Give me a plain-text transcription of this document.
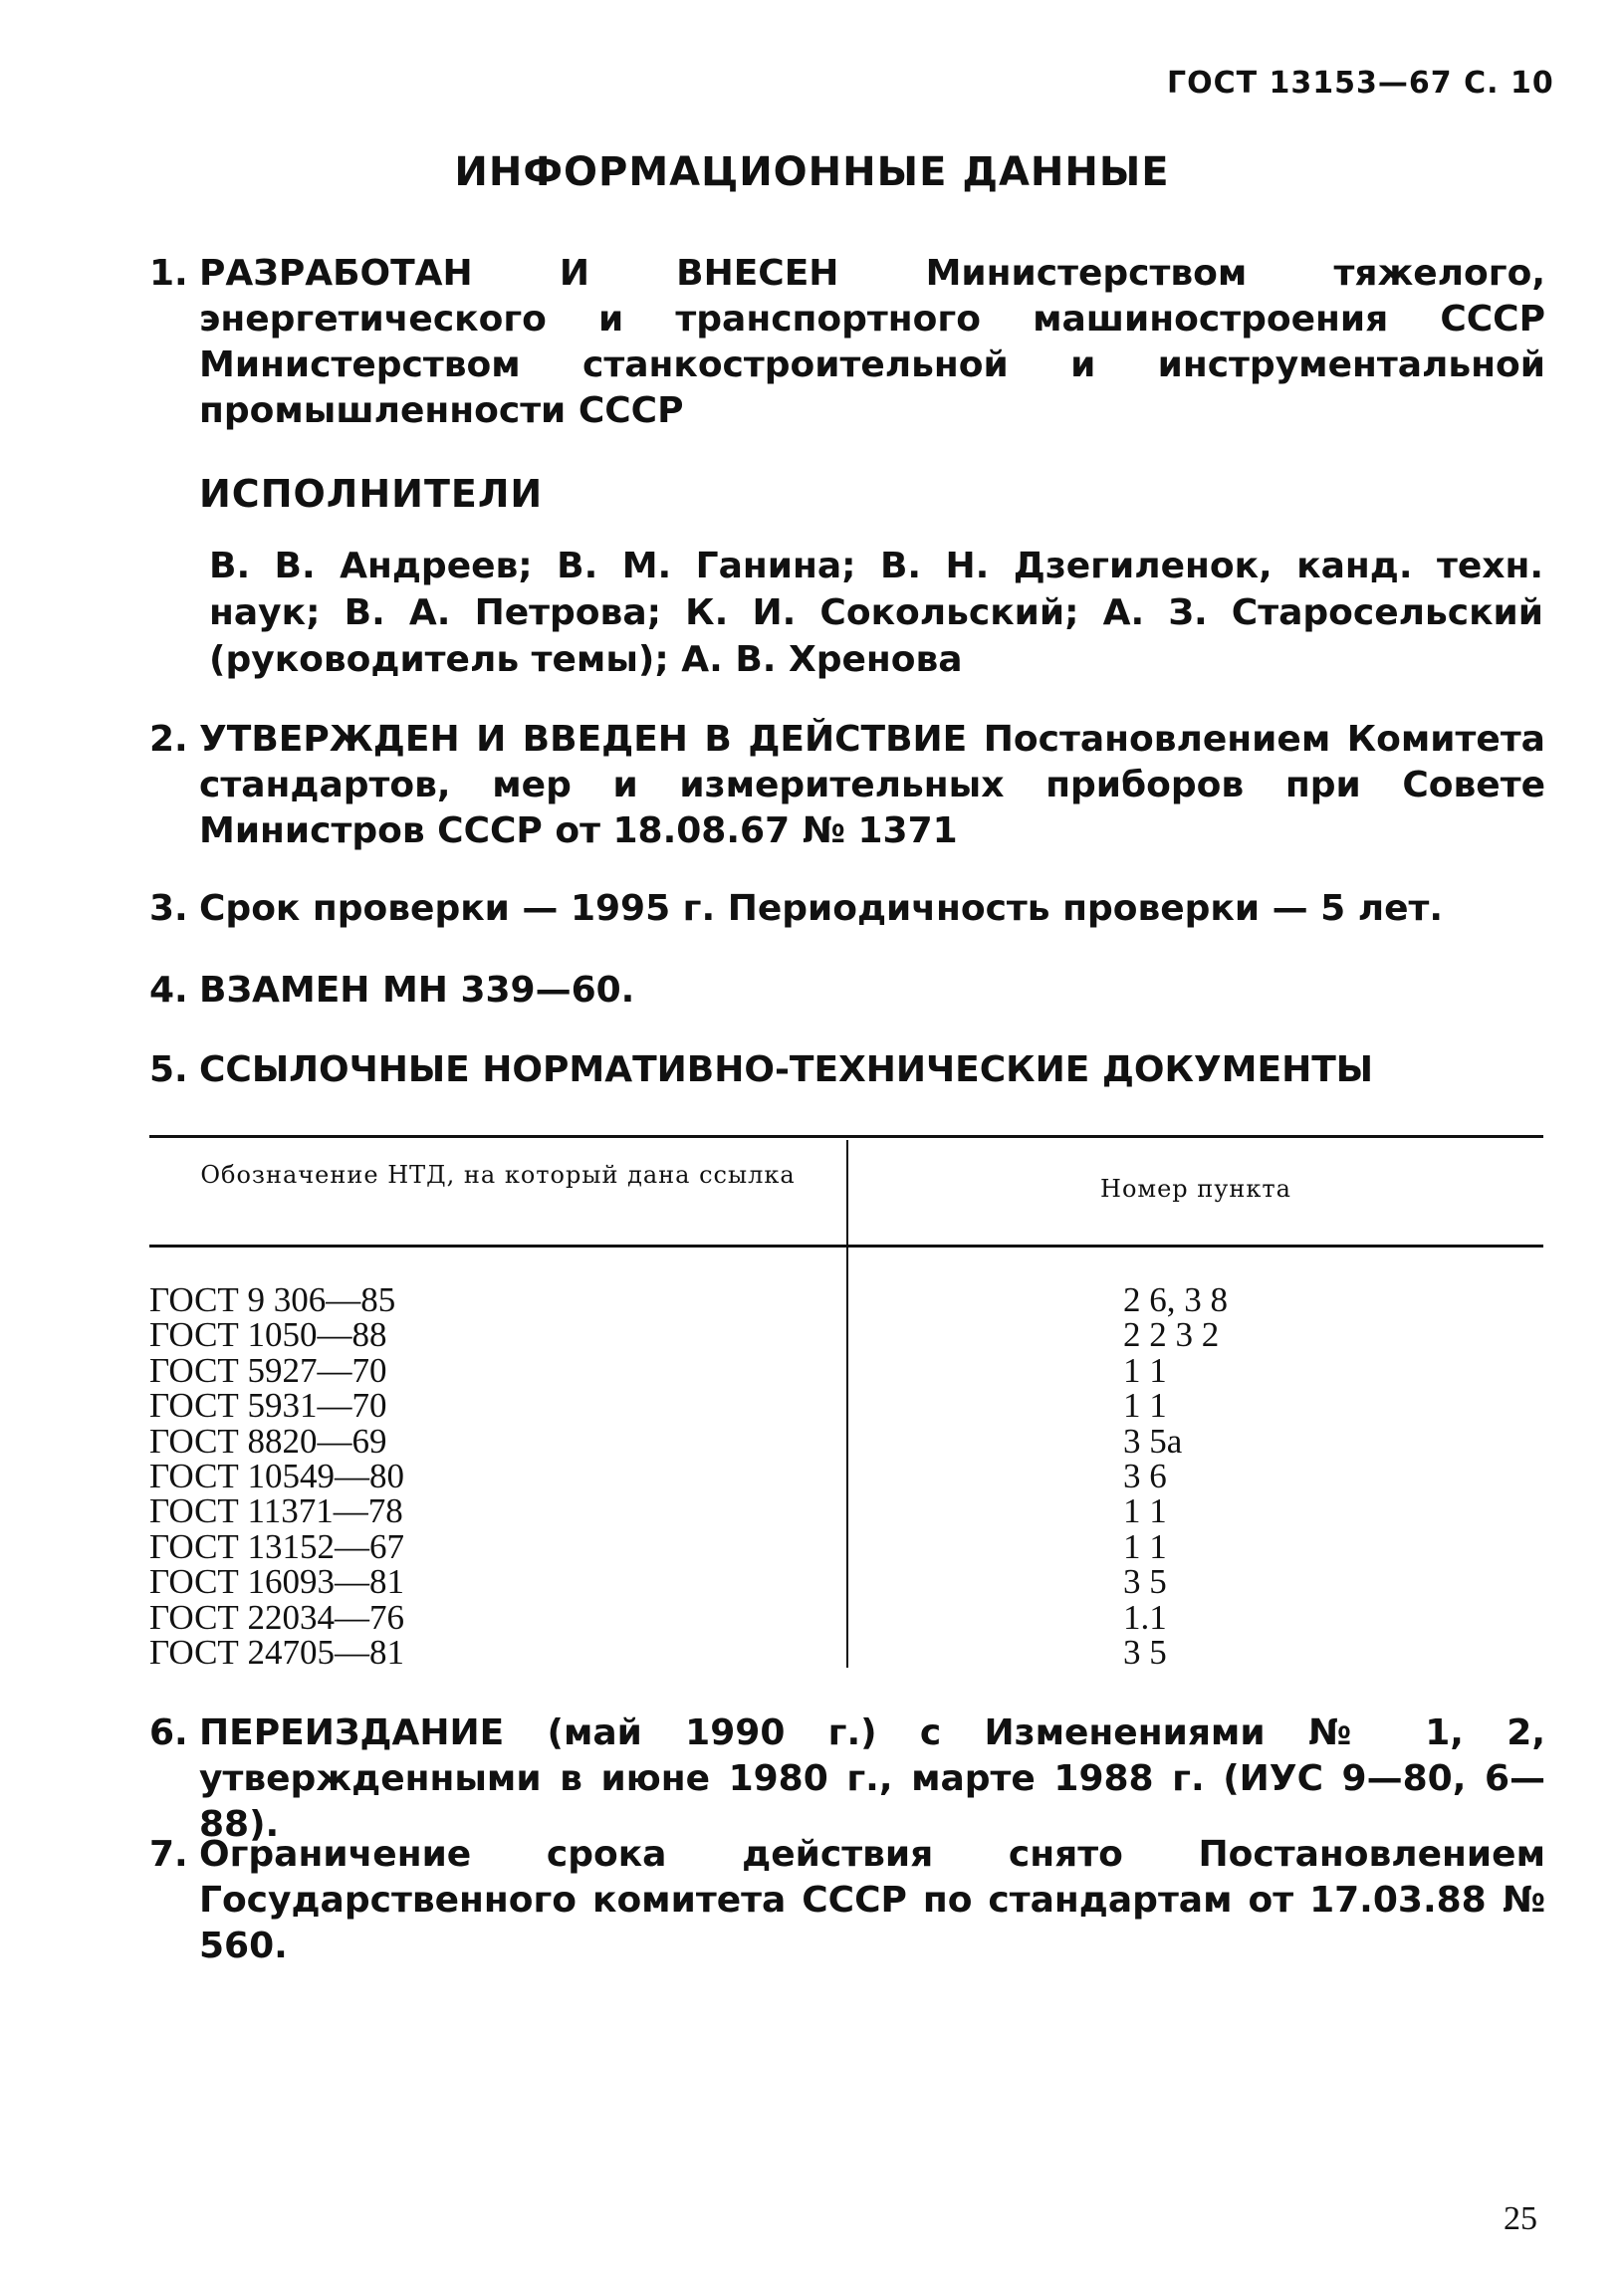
ГОСТ 13153—67 С. 10
ИНФОРМАЦИОННЫЕ ДАННЫЕ
1. РАЗРАБОТАН И ВНЕСЕН Министерством тяжелого, энергетического и транспортного машиностроения СССР Министерством станкостроительной и инструментальной промышленности СССР
ИСПОЛНИТЕЛИ
В. В. Андреев; В. М. Ганина; В. Н. Дзегиленок, канд. техн. наук; В. А. Петрова; К. И. Сокольский; А. З. Старосельский (руководитель темы); А. В. Хренова
2. УТВЕРЖДЕН И ВВЕДЕН В ДЕЙСТВИЕ Постановлением Комитета стандартов, мер и измерительных приборов при Совете Министров СССР от 18.08.67 № 1371
3. Срок проверки — 1995 г. Периодичность проверки — 5 лет.
4. ВЗАМЕН МН 339—60.
5. ССЫЛОЧНЫЕ НОРМАТИВНО-ТЕХНИЧЕСКИЕ ДОКУМЕНТЫ
Обозначение НТД, на который дана ссылка	Номер пункта
ГОСТ 9 306—85	2 6, 3 8
ГОСТ 1050—88	2 2 3 2
ГОСТ 5927—70	1 1
ГОСТ 5931—70	1 1
ГОСТ 8820—69	3 5а
ГОСТ 10549—80	3 6
ГОСТ 11371—78	1 1
ГОСТ 13152—67	1 1
ГОСТ 16093—81	3 5
ГОСТ 22034—76	1.1
ГОСТ 24705—81	3 5
6. ПЕРЕИЗДАНИЕ (май 1990 г.) с Изменениями № 1, 2, утвержденными в июне 1980 г., марте 1988 г. (ИУС 9—80, 6—88).
7. Ограничение срока действия снято Постановлением Государственного комитета СССР по стандартам от 17.03.88 № 560.
25
